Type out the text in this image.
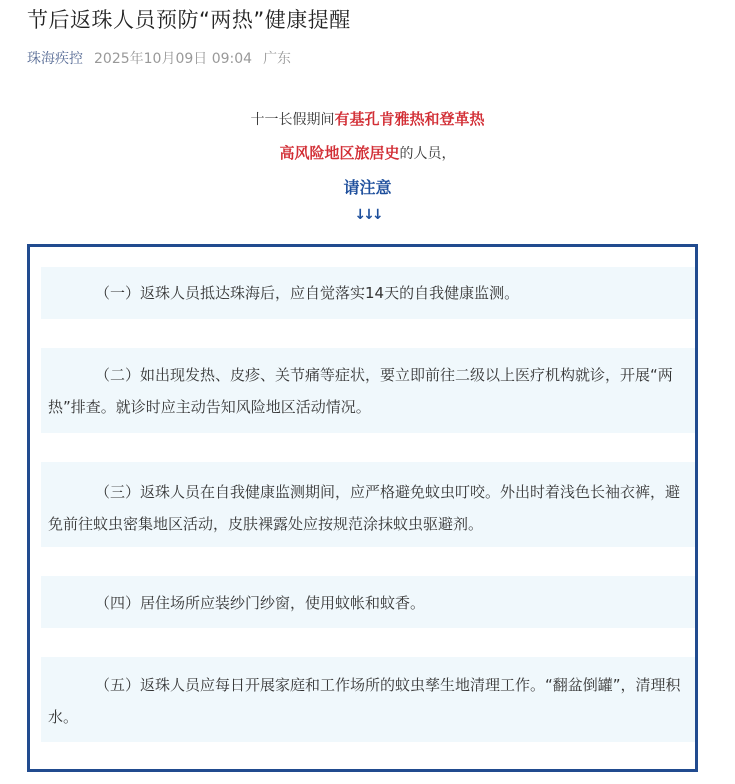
节后返珠人员预防“两热”健康提醒
珠海疾控 2025年10月09日 09:04 广东
十一长假期间有基孔肯雅热和登革热
高风险地区旅居史的人员，
请注意
↓↓↓
（一）返珠人员抵达珠海后，应自觉落实14天的自我健康监测。
（二）如出现发热、皮疹、关节痛等症状，要立即前往二级以上医疗机构就诊，开展“两热”排查。就诊时应主动告知风险地区活动情况。
（三）返珠人员在自我健康监测期间，应严格避免蚊虫叮咬。外出时着浅色长袖衣裤，避免前往蚊虫密集地区活动，皮肤裸露处应按规范涂抹蚊虫驱避剂。
（四）居住场所应装纱门纱窗，使用蚊帐和蚊香。
（五）返珠人员应每日开展家庭和工作场所的蚊虫孳生地清理工作。“翻盆倒罐”，清理积水。
